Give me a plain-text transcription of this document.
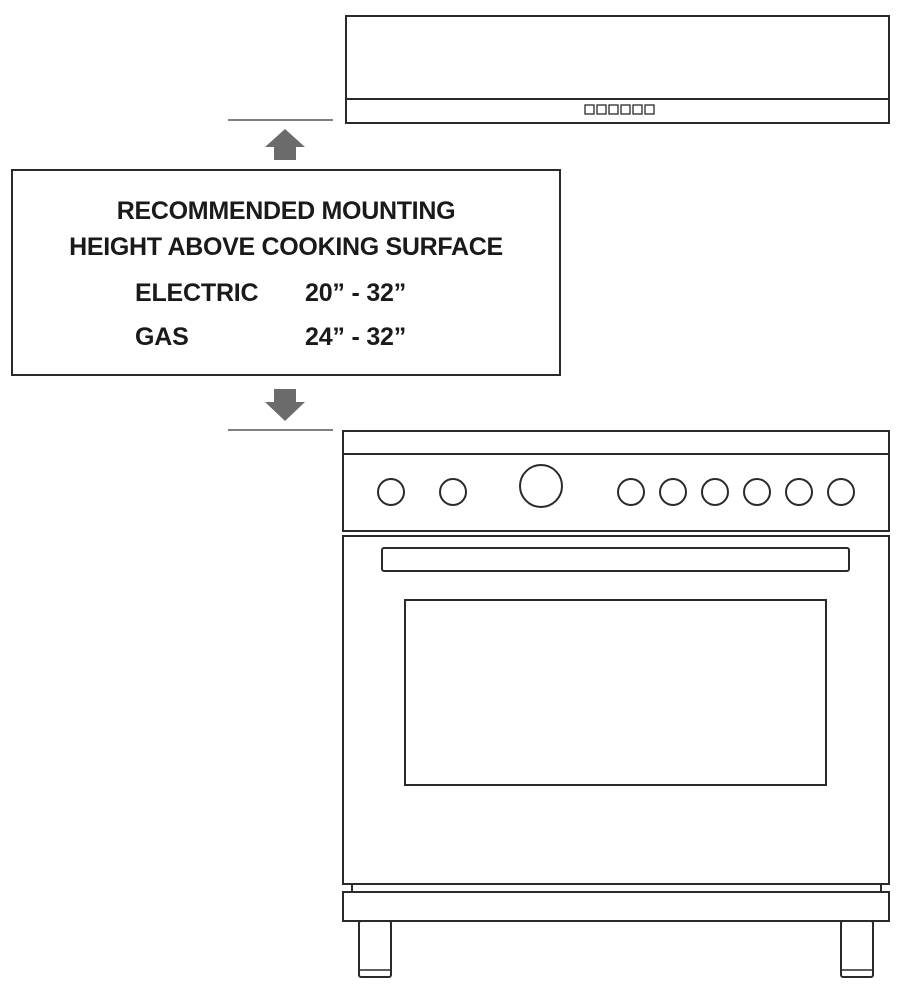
RECOMMENDED MOUNTING
HEIGHT ABOVE COOKING SURFACE
ELECTRIC 20” - 32”
GAS	24” - 32”
